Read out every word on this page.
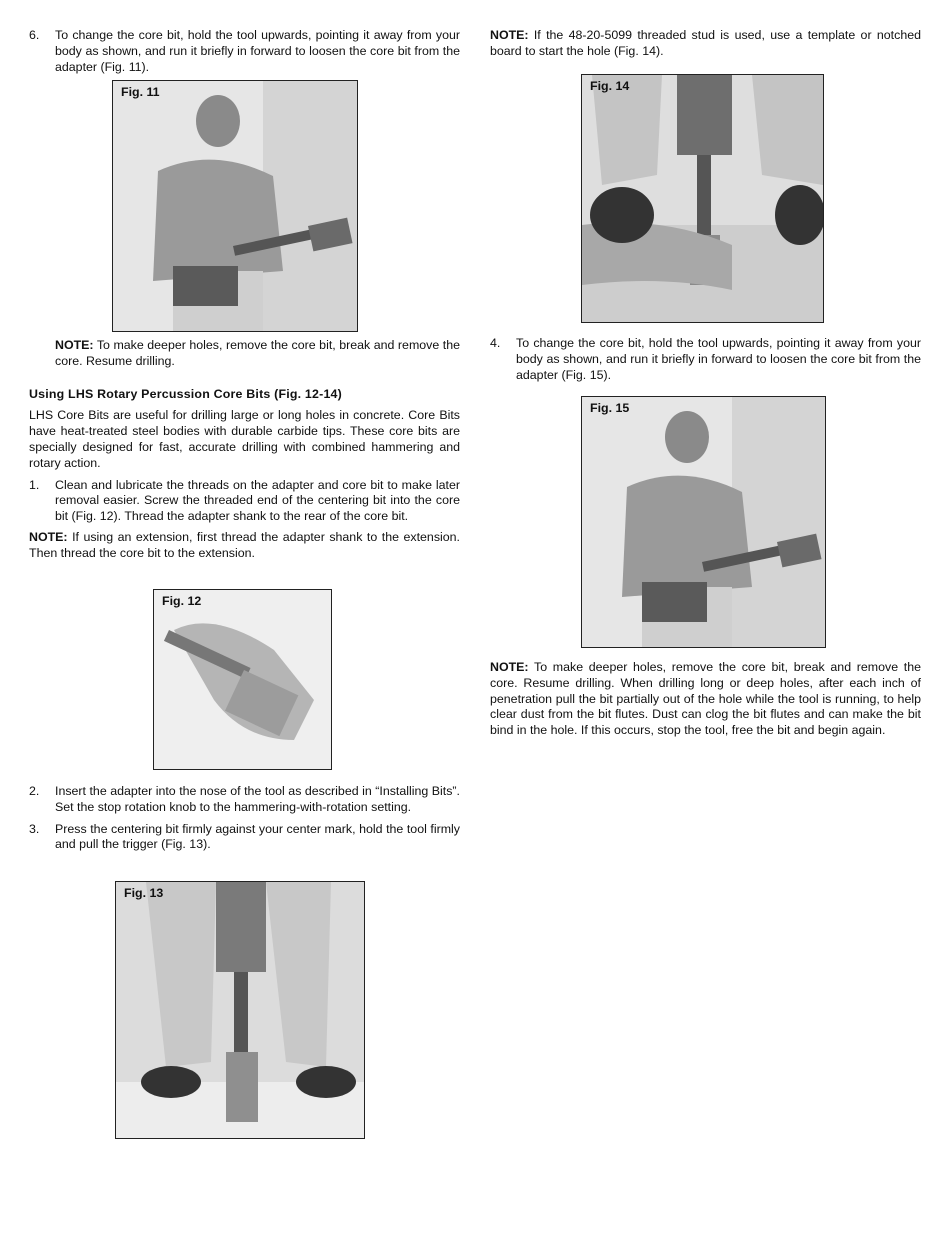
6. To change the core bit, hold the tool upwards, pointing it away from your body as shown, and run it briefly in forward to loosen the core bit from the adapter (Fig. 11).
Fig. 11

NOTE: To make deeper holes, remove the core bit, break and remove the core. Resume drilling.

Using LHS Rotary Percussion Core Bits (Fig. 12-14)

LHS Core Bits are useful for drilling large or long holes in concrete. Core Bits have heat-treated steel bodies with durable carbide tips. These core bits are specially designed for fast, accurate drilling with combined hammering and rotary action.

1. Clean and lubricate the threads on the adapter and core bit to make later removal easier. Screw the threaded end of the centering bit into the core bit (Fig. 12). Thread the adapter shank to the rear of the core bit.

NOTE: If using an extension, first thread the adapter shank to the extension. Then thread the core bit to the extension.

Fig. 12
2. Insert the adapter into the nose of the tool as described in “Installing Bits”. Set the stop rotation knob to the hammering-with-rotation setting.
3. Press the centering bit firmly against your center mark, hold the tool firmly and pull the trigger (Fig. 13).
Fig. 13

NOTE: If the 48-20-5099 threaded stud is used, use a template or notched board to start the hole (Fig. 14).

Fig. 14
4. To change the core bit, hold the tool upwards, pointing it away from your body as shown, and run it briefly in forward to loosen the core bit from the adapter (Fig. 15).
Fig. 15

NOTE: To make deeper holes, remove the core bit, break and remove the core. Resume drilling. When drilling long or deep holes, after each inch of penetration pull the bit partially out of the hole while the tool is running, to help clear dust from the bit flutes. Dust can clog the bit flutes and can make the bit bind in the hole. If this occurs, stop the tool, free the bit and begin again.
